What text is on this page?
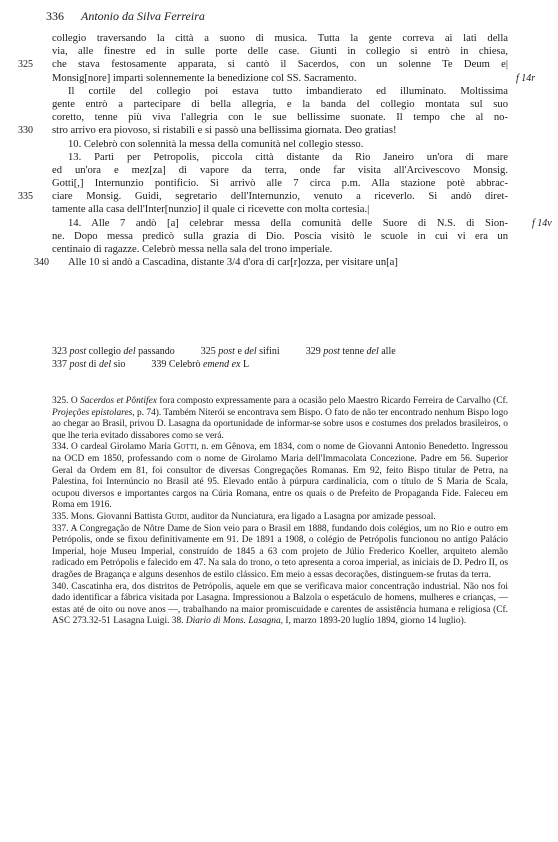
336 Antonio da Silva Ferreira
collegio traversando la città a suono di musica. Tutta la gente correva ai lati della
via, alle finestre ed in sulle porte delle case. Giunti in collegio si entrò in chiesa,
325	che stava festosamente apparata, si cantò il Sacerdos, con un solenne Te Deum e|
Monsig[nore] impartì solennemente la benedizione col SS. Sacramento.	f 14r
Il cortile del collegio poi estava tutto imbandierato ed illuminato. Moltissima
gente entrò a partecipare di bella allegria, e la banda del collegio montata sul suo
coretto, tenne più viva l'allegria con le sue bellissime suonate. Il tempo che al no-
330	stro arrivo era piovoso, si ristabilì e si passò una bellissima giornata. Deo gratias!
10. Celebrò con solennità la messa della comunità nel collegio stesso.
13. Partì per Petropolis, piccola città distante da Rio Janeiro un'ora di mare
ed un'ora e mez[za] di vapore da terra, onde far visita all'Arcivescovo Monsig.
Gotti[,] Internunzio pontificio. Si arrivò alle 7 circa p.m. Alla stazione potè abbrac-
335	ciare Monsig. Guidi, segretario dell'Internunzio, venuto a riceverlo. Si andò diret-
tamente alla casa dell'Inter[nunzio] il quale ci ricevette con molta cortesia.|
14. Alle 7 andò [a] celebrar messa della comunità delle Suore di N.S. di Sion-	f 14v
ne. Dopo messa predicò sulla grazia di Dio. Poscia visitò le scuole in cui vi era un
centinaio di ragazze. Celebrò messa nella sala del trono imperiale.
340 Alle 10 si andò a Cascadina, distante 3/4 d'ora di car[r]ozza, per visitare un[a]
323 post collegio del passando	325 post e del sifini	329 post tenne del alle
337 post di del sio	339 Celebrò emend ex L

325. O Sacerdos et Pôntifex fora composto expressamente para a ocasião pelo Maestro Ricardo Ferreira de Carvalho (Cf. Projeções epistolares, p. 74). Também Niterói se encontrava sem Bispo. O fato de não ter encontrado nenhum Bispo logo ao chegar ao Brasil, privou D. Lasagna da oportunidade de informar-se sobre usos e costumes dos prelados brasileiros, o que lhe teria evitado dissabores como se verá.

334. O cardeal Girolamo Maria Gotti, n. em Gênova, em 1834, com o nome de Giovanni Antonio Benedetto. Ingressou na OCD em 1850, professando com o nome de Girolamo Maria dell'Immacolata Concezione. Padre em 56. Superior Geral da Ordem em 81, foi consultor de diversas Congregações Romanas. Em 92, feito Bispo titular de Petra, na Palestina, foi Internúncio no Brasil até 95. Elevado então à púrpura cardinalícia, com o título de S Maria de Scala, ocupou diversos e importantes cargos na Cúria Romana, entre os quais o de Prefeito de Propaganda Fide. Faleceu em Roma em 1916.

335. Mons. Giovanni Battista Guidi, auditor da Nunciatura, era ligado a Lasagna por amizade pessoal.

337. A Congregação de Nôtre Dame de Sion veio para o Brasil em 1888, fundando dois colégios, um no Rio e outro em Petrópolis, onde se fixou definitivamente em 91. De 1891 a 1908, o colégio de Petrópolis funcionou no antigo Palácio Imperial, hoje Museu Imperial, construído de 1845 a 63 com projeto de Júlio Frederico Koeller, arquiteto alemão radicado em Petrópolis e falecido em 47. Na sala do trono, o teto apresenta a coroa imperial, as iniciais de D. Pedro II, os dragões de Bragança e alguns desenhos de estilo clássico. Em meio a essas decorações, distinguem-se frutas da terra.

340. Cascatinha era, dos distritos de Petrópolis, aquele em que se verificava maior concentração industrial. Não nos foi dado identificar a fábrica visitada por Lasagna. Impressionou a Balzola o espetáculo de homens, mulheres e crianças, — estas até de oito ou nove anos —, trabalhando na maior promiscuidade e carentes de assistência humana e religiosa (Cf. ASC 273.32-51 Lasagna Luigi. 38. Diario di Mons. Lasagna, I, marzo 1893-20 luglio 1894, giorno 14 luglio).
